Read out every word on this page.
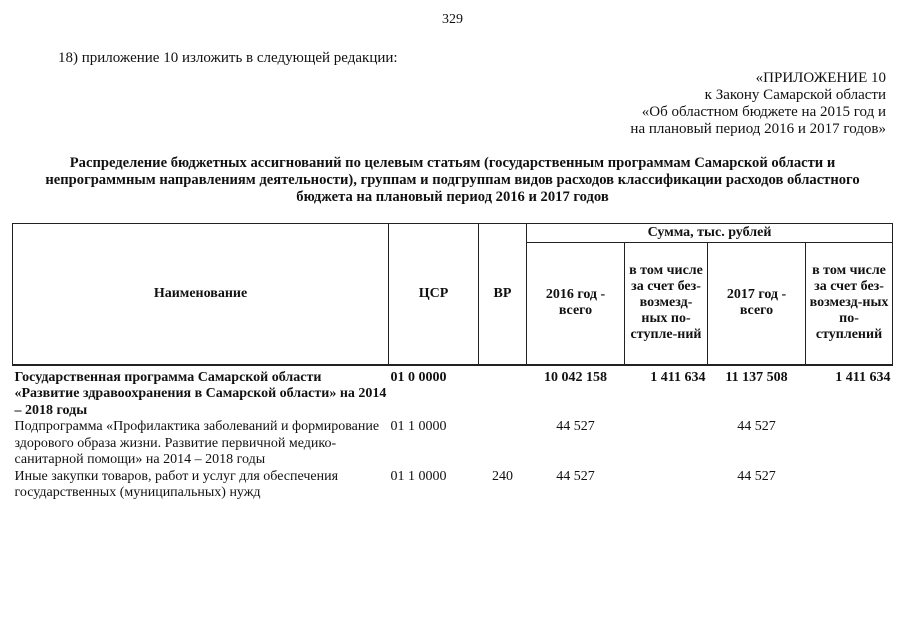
329
18) приложение 10 изложить в следующей редакции:
«ПРИЛОЖЕНИЕ 10
к Закону Самарской области
«Об областном бюджете на 2015 год и
на плановый период 2016 и 2017 годов»
Распределение бюджетных ассигнований по целевым статьям (государственным программам Самарской области и
непрограммным направлениям деятельности), группам и подгруппам видов расходов классификации расходов областного
бюджета на плановый период 2016 и 2017 годов
Наименование	ЦСР	ВР	Сумма, тыс. рублей			
			2016 год - всего	в том числе за счет без-возмезд-ных по-ступле-ний	2017 год - всего	в том числе за счет без-возмезд-ных по-ступлений
Государственная программа Самарской области «Развитие здравоохранения в Самарской области» на 2014 – 2018 годы	01 0 0000		10 042 158	1 411 634	11 137 508	1 411 634
Подпрограмма «Профилактика заболеваний и формирование здорового образа жизни. Развитие первичной медико-санитарной помощи» на 2014 – 2018 годы	01 1 0000		44 527		44 527	
Иные закупки товаров, работ и услуг для обеспечения государственных (муниципальных) нужд	01 1 0000	240	44 527		44 527	
